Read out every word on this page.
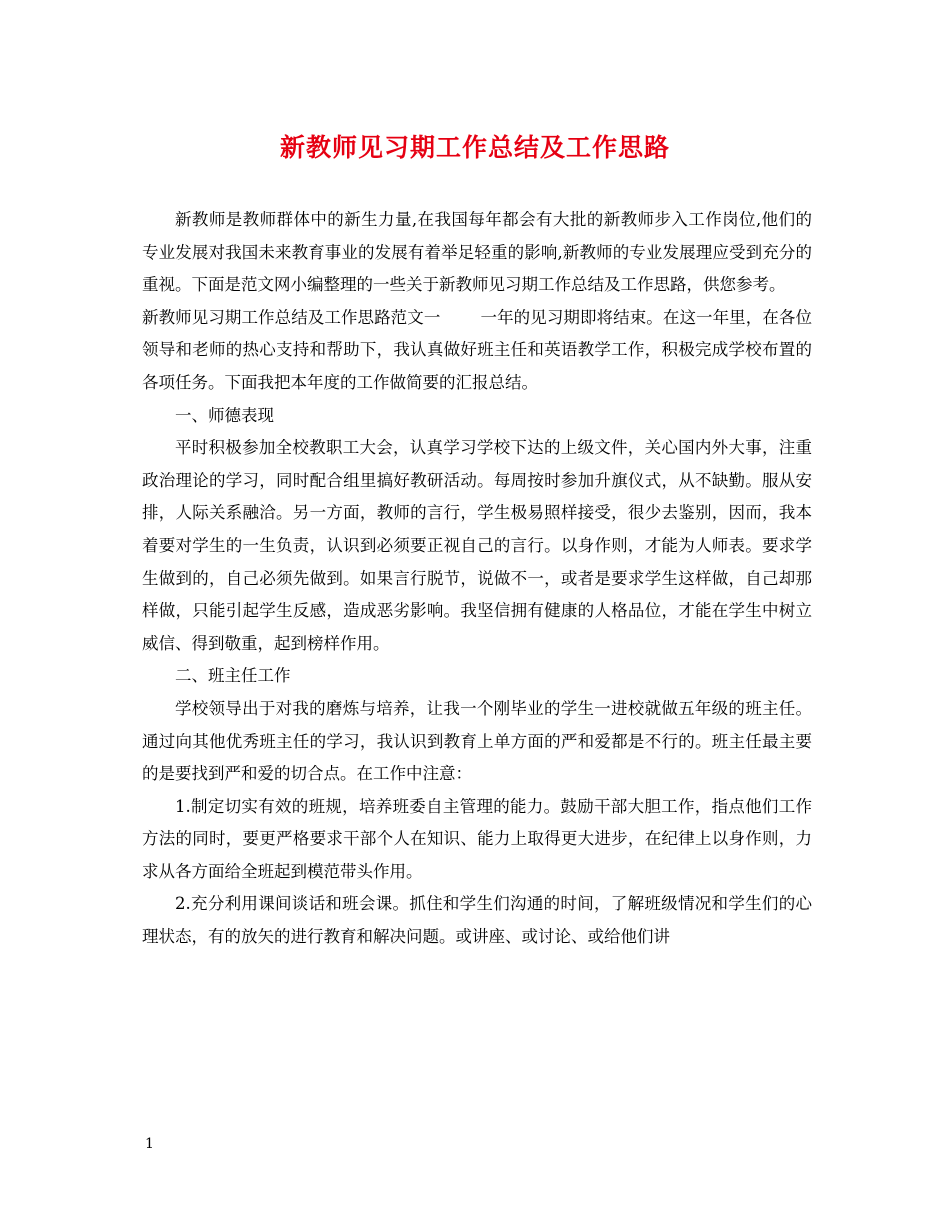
新教师见习期工作总结及工作思路

新教师是教师群体中的新生力量,在我国每年都会有大批的新教师步入工作岗位,他们的专业发展对我国未来教育事业的发展有着举足轻重的影响,新教师的专业发展理应受到充分的重视。下面是范文网小编整理的一些关于新教师见习期工作总结及工作思路，供您参考。

新教师见习期工作总结及工作思路范文一 一年的见习期即将结束。在这一年里，在各位领导和老师的热心支持和帮助下，我认真做好班主任和英语教学工作，积极完成学校布置的各项任务。下面我把本年度的工作做简要的汇报总结。

一、师德表现

平时积极参加全校教职工大会，认真学习学校下达的上级文件，关心国内外大事，注重政治理论的学习，同时配合组里搞好教研活动。每周按时参加升旗仪式，从不缺勤。服从安排，人际关系融洽。另一方面，教师的言行，学生极易照样接受，很少去鉴别，因而，我本着要对学生的一生负责，认识到必须要正视自己的言行。以身作则，才能为人师表。要求学生做到的，自己必须先做到。如果言行脱节，说做不一，或者是要求学生这样做，自己却那样做，只能引起学生反感，造成恶劣影响。我坚信拥有健康的人格品位，才能在学生中树立威信、得到敬重，起到榜样作用。

二、班主任工作

学校领导出于对我的磨炼与培养，让我一个刚毕业的学生一进校就做五年级的班主任。通过向其他优秀班主任的学习，我认识到教育上单方面的严和爱都是不行的。班主任最主要的是要找到严和爱的切合点。在工作中注意：

1.制定切实有效的班规，培养班委自主管理的能力。鼓励干部大胆工作，指点他们工作方法的同时，要更严格要求干部个人在知识、能力上取得更大进步，在纪律上以身作则，力求从各方面给全班起到模范带头作用。

2.充分利用课间谈话和班会课。抓住和学生们沟通的时间，了解班级情况和学生们的心理状态，有的放矢的进行教育和解决问题。或讲座、或讨论、或给他们讲

1
